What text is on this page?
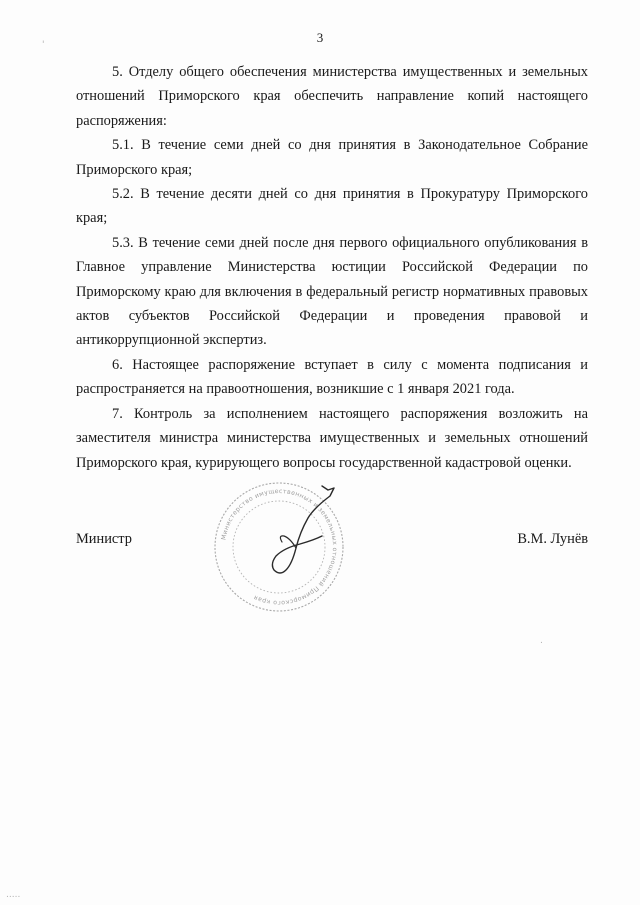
3

5. Отделу общего обеспечения министерства имущественных и земельных отношений Приморского края обеспечить направление копий настоящего распоряжения:

5.1. В течение семи дней со дня принятия в Законодательное Собрание Приморского края;

5.2. В течение десяти дней со дня принятия в Прокуратуру Приморского края;

5.3. В течение семи дней после дня первого официального опубликования в Главное управление Министерства юстиции Российской Федерации по Приморскому краю для включения в федеральный регистр нормативных правовых актов субъектов Российской Федерации и проведения правовой и антикоррупционной экспертиз.

6. Настоящее распоряжение вступает в силу с момента подписания и распространяется на правоотношения, возникшие с 1 января 2021 года.

7. Контроль за исполнением настоящего распоряжения возложить на заместителя министра министерства имущественных и земельных отношений Приморского края, курирующего вопросы государственной кадастровой оценки.

Министерство имущественных и земельных отношений Приморского края
Министр	В.М. Лунёв
'
.
.....
